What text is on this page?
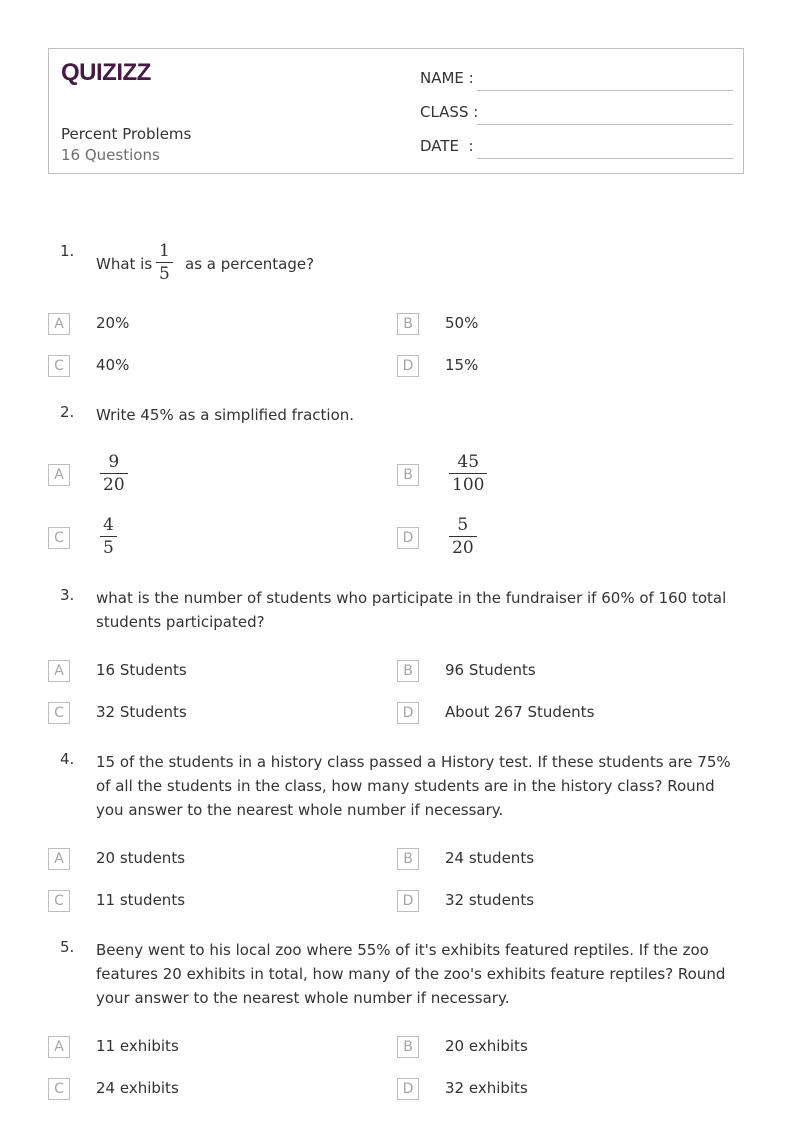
QUIZIZZ
Percent Problems
16 Questions
NAME :
CLASS :
DATE  :
1.
What is $\frac{1}{5}$ as a percentage?
A	20%	B	50%
C	40%	D	15%
2. Write 45% as a simplified fraction.
A	$\frac{9}{20}$	B	$\frac{45}{100}$
C	$\frac{4}{5}$	D	$\frac{5}{20}$
3. what is the number of students who participate in the fundraiser if 60% of 160 total students participated?
A	16 Students	B	96 Students
C	32 Students	D	About 267 Students
4. 15 of the students in a history class passed a History test. If these students are 75% of all the students in the class, how many students are in the history class? Round you answer to the nearest whole number if necessary.
A	20 students	B	24 students
C	11 students	D	32 students
5. Beeny went to his local zoo where 55% of it's exhibits featured reptiles. If the zoo features 20 exhibits in total, how many of the zoo's exhibits feature reptiles? Round your answer to the nearest whole number if necessary.
A	11 exhibits	B	20 exhibits
C	24 exhibits	D	32 exhibits
